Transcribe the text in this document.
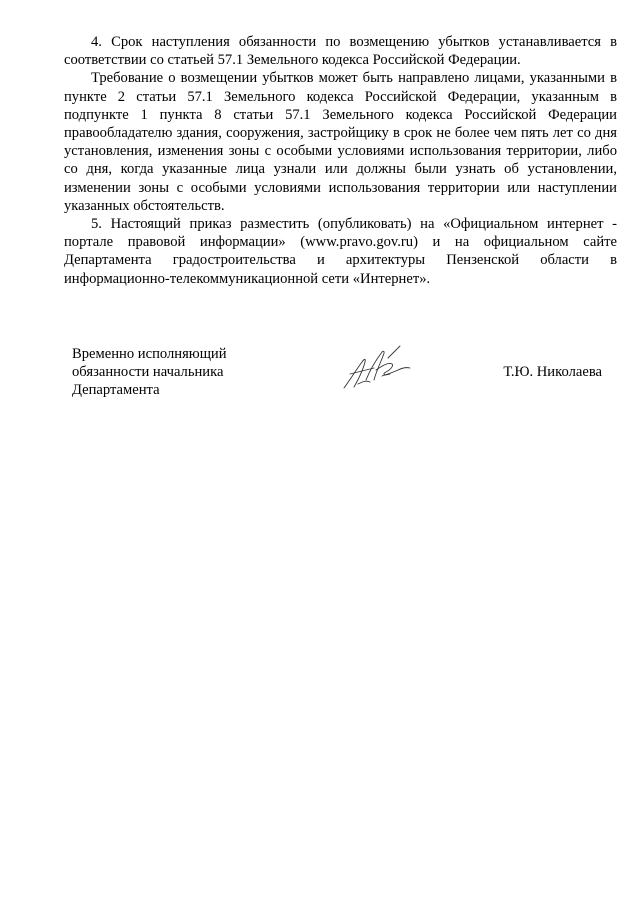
4. Срок наступления обязанности по возмещению убытков устанавливается в соответствии со статьей 57.1 Земельного кодекса Российской Федерации.

Требование о возмещении убытков может быть направлено лицами, указанными в пункте 2 статьи 57.1 Земельного кодекса Российской Федерации, указанным в подпункте 1 пункта 8 статьи 57.1 Земельного кодекса Российской Федерации правообладателю здания, сооружения, застройщику в срок не более чем пять лет со дня установления, изменения зоны с особыми условиями использования территории, либо со дня, когда указанные лица узнали или должны были узнать об установлении, изменении зоны с особыми условиями использования территории или наступлении указанных обстоятельств.

5. Настоящий приказ разместить (опубликовать) на «Официальном интернет - портале правовой информации» (www.pravo.gov.ru) и на официальном сайте Департамента градостроительства и архитектуры Пензенской области в информационно-телекоммуникационной сети «Интернет».

Временно исполняющий
обязанности начальника
Департамента
Т.Ю. Николаева
